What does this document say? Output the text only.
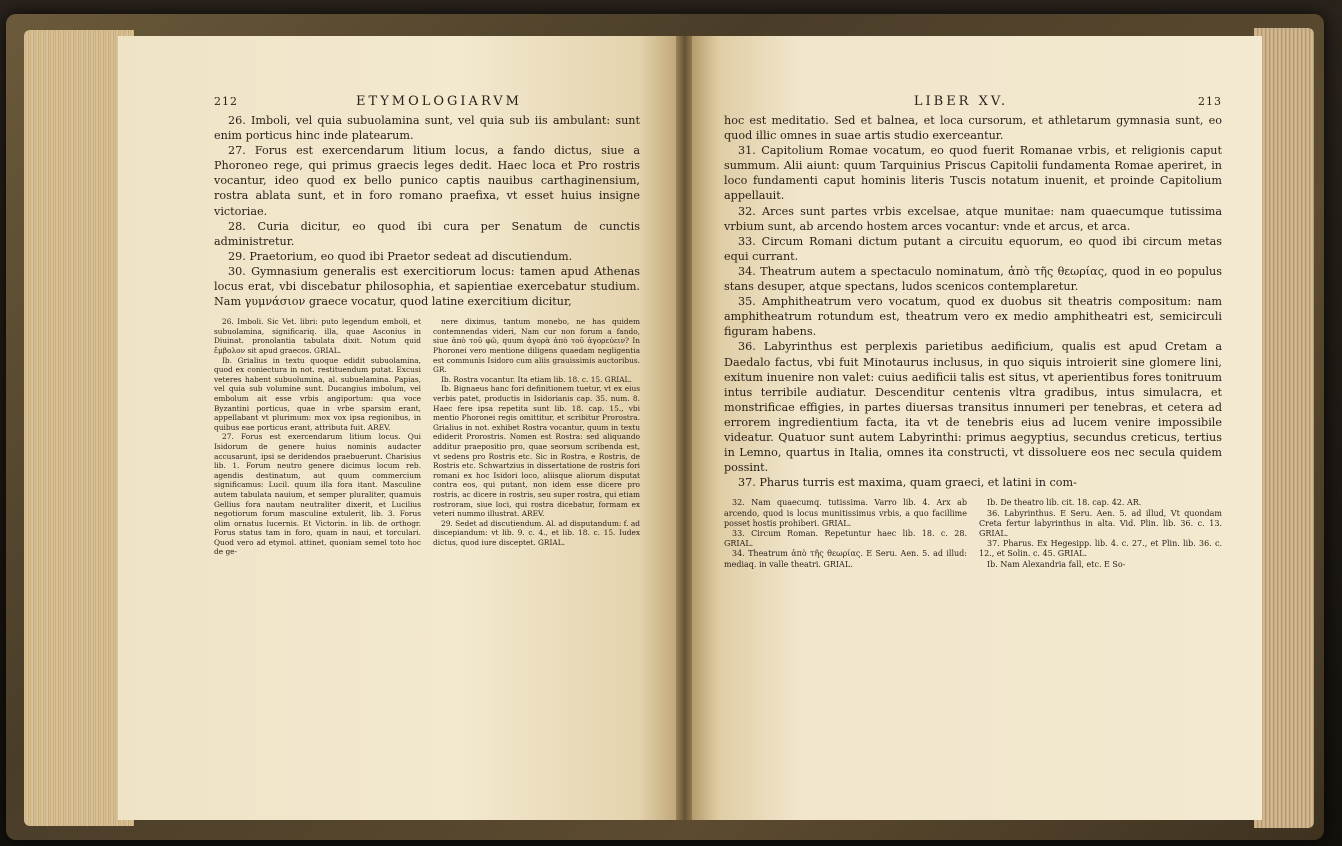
212	ETYMOLOGIARVM

26. Imboli, vel quia subuolamina sunt, vel quia sub iis ambulant: sunt enim porticus hinc inde platearum.

27. Forus est exercendarum litium locus, a fando dictus, siue a Phoroneo rege, qui primus graecis leges dedit. Haec loca et Pro rostris vocantur, ideo quod ex bello punico captis nauibus carthaginensium, rostra ablata sunt, et in foro romano praefixa, vt esset huius insigne victoriae.

28. Curia dicitur, eo quod ibi cura per Senatum de cunctis administretur.

29. Praetorium, eo quod ibi Praetor sedeat ad discutiendum.

30. Gymnasium generalis est exercitiorum locus: tamen apud Athenas locus erat, vbi discebatur philosophia, et sapientiae exercebatur studium. Nam γυμνάσιον graece vocatur, quod latine exercitium dicitur,

26. Imboli. Sic Vet. libri: puto legendum emboli, et subuolamina, significariq. illa, quae Asconius in Diuinat. pronolantia tabulata dixit. Notum quid ἔμβολον sit apud graecos. GRIAL.

Ib. Grialius in textu quoque edidit subuolamina, quod ex coniectura in not. restituendum putat. Excusi veteres habent subuolumina, al. subuelamina. Papias, vel quia sub volumine sunt. Ducangius imbolum, vel embolum ait esse vrbis angiportum: qua voce Byzantini porticus, quae in vrbe sparsim erant, appellabant vt plurimum: mox vox ipsa regionibus, in quibus eae porticus erant, attributa fuit. AREV.

27. Forus est exercendarum litium locus. Qui Isidorum de genere huius nominis audacter accusarunt, ipsi se deridendos praebuerunt. Charisius lib. 1. Forum neutro genere dicimus locum reb. agendis destinatum, aut quum commercium significamus: Lucil. quum illa fora itant. Masculine autem tabulata nauium, et semper pluraliter, quamuis Gellius fora nautam neutraliter dixerit, et Lucilius negotiorum forum masculine extulerit, lib. 3. Forus olim ornatus lucernis. Et Victorin. in lib. de orthogr. Forus status tam in foro, quam in naui, et torculari. Quod vero ad etymol. attinet, quoniam semel toto hoc de ge-

nere diximus, tantum monebo, ne has quidem contemnendas videri, Nam cur non forum a fando, siue ἀπὸ τοῦ φῶ, quum ἀγορὰ ἀπὸ τοῦ ἀγορεύειν? In Phoronei vero mentione diligens quaedam negligentia est communis Isidoro cum aliis grauissimis auctoribus. GR.

Ib. Rostra vocantur. Ita etiam lib. 18. c. 15. GRIAL.

Ib. Bignaeus hanc fori definitionem tuetur, vt ex eius verbis patet, productis in Isidorianis cap. 35. num. 8. Haec fere ipsa repetita sunt lib. 18. cap. 15., vbi mentio Phoronei regis omittitur, et scribitur Prorostra. Grialius in not. exhibet Rostra vocantur, quum in textu ediderit Prorostris. Nomen est Rostra: sed aliquando additur praepositio pro, quae seorsum scribenda est, vt sedens pro Rostris etc. Sic in Rostra, e Rostris, de Rostris etc. Schwartzius in dissertatione de rostris fori romani ex hoc Isidori loco, aliisque aliorum disputat contra eos, qui putant, non idem esse dicere pro rostris, ac dicere in rostris, seu super rostra, qui etiam rostroram, siue loci, qui rostra dicebatur, formam ex veteri nummo illustrat. AREV.

29. Sedet ad discutiendum. Al. ad disputandum: f. ad discepiandum: vt lib. 9. c. 4., et lib. 18. c. 15. Iudex dictus, quod iure disceptet. GRIAL.

LIBER XV.	213

hoc est meditatio. Sed et balnea, et loca cursorum, et athletarum gymnasia sunt, eo quod illic omnes in suae artis studio exerceantur.

31. Capitolium Romae vocatum, eo quod fuerit Romanae vrbis, et religionis caput summum. Alii aiunt: quum Tarquinius Priscus Capitolii fundamenta Romae aperiret, in loco fundamenti caput hominis literis Tuscis notatum inuenit, et proinde Capitolium appellauit.

32. Arces sunt partes vrbis excelsae, atque munitae: nam quaecumque tutissima vrbium sunt, ab arcendo hostem arces vocantur: vnde et arcus, et arca.

33. Circum Romani dictum putant a circuitu equorum, eo quod ibi circum metas equi currant.

34. Theatrum autem a spectaculo nominatum, ἀπὸ τῆς θεωρίας, quod in eo populus stans desuper, atque spectans, ludos scenicos contemplaretur.

35. Amphitheatrum vero vocatum, quod ex duobus sit theatris compositum: nam amphitheatrum rotundum est, theatrum vero ex medio amphitheatri est, semicirculi figuram habens.

36. Labyrinthus est perplexis parietibus aedificium, qualis est apud Cretam a Daedalo factus, vbi fuit Minotaurus inclusus, in quo siquis introierit sine glomere lini, exitum inuenire non valet: cuius aedificii talis est situs, vt aperientibus fores tonitruum intus terribile audiatur. Descenditur centenis vltra gradibus, intus simulacra, et monstrificae effigies, in partes diuersas transitus innumeri per tenebras, et cetera ad errorem ingredientium facta, ita vt de tenebris eius ad lucem venire impossibile videatur. Quatuor sunt autem Labyrinthi: primus aegyptius, secundus creticus, tertius in Lemno, quartus in Italia, omnes ita constructi, vt dissoluere eos nec secula quidem possint.

37. Pharus turris est maxima, quam graeci, et latini in com-

32. Nam quaecumq. tutissima. Varro lib. 4. Arx ab arcendo, quod is locus munitissimus vrbis, a quo facillime posset hostis prohiberi. GRIAL.

33. Circum Roman. Repetuntur haec lib. 18. c. 28. GRIAL.

34. Theatrum ἀπὸ τῆς θεωρίας. E Seru. Aen. 5. ad illud: mediaq. in valle theatri. GRIAL.

Ib. De theatro lib. cit. 18. cap. 42. AR.

36. Labyrinthus. E Seru. Aen. 5. ad illud, Vt quondam Creta fertur labyrinthus in alta. Vid. Plin. lib. 36. c. 13. GRIAL.

37. Pharus. Ex Hegesipp. lib. 4. c. 27., et Plin. lib. 36. c. 12., et Solin. c. 45. GRIAL.

Ib. Nam Alexandria fall, etc. E So-
